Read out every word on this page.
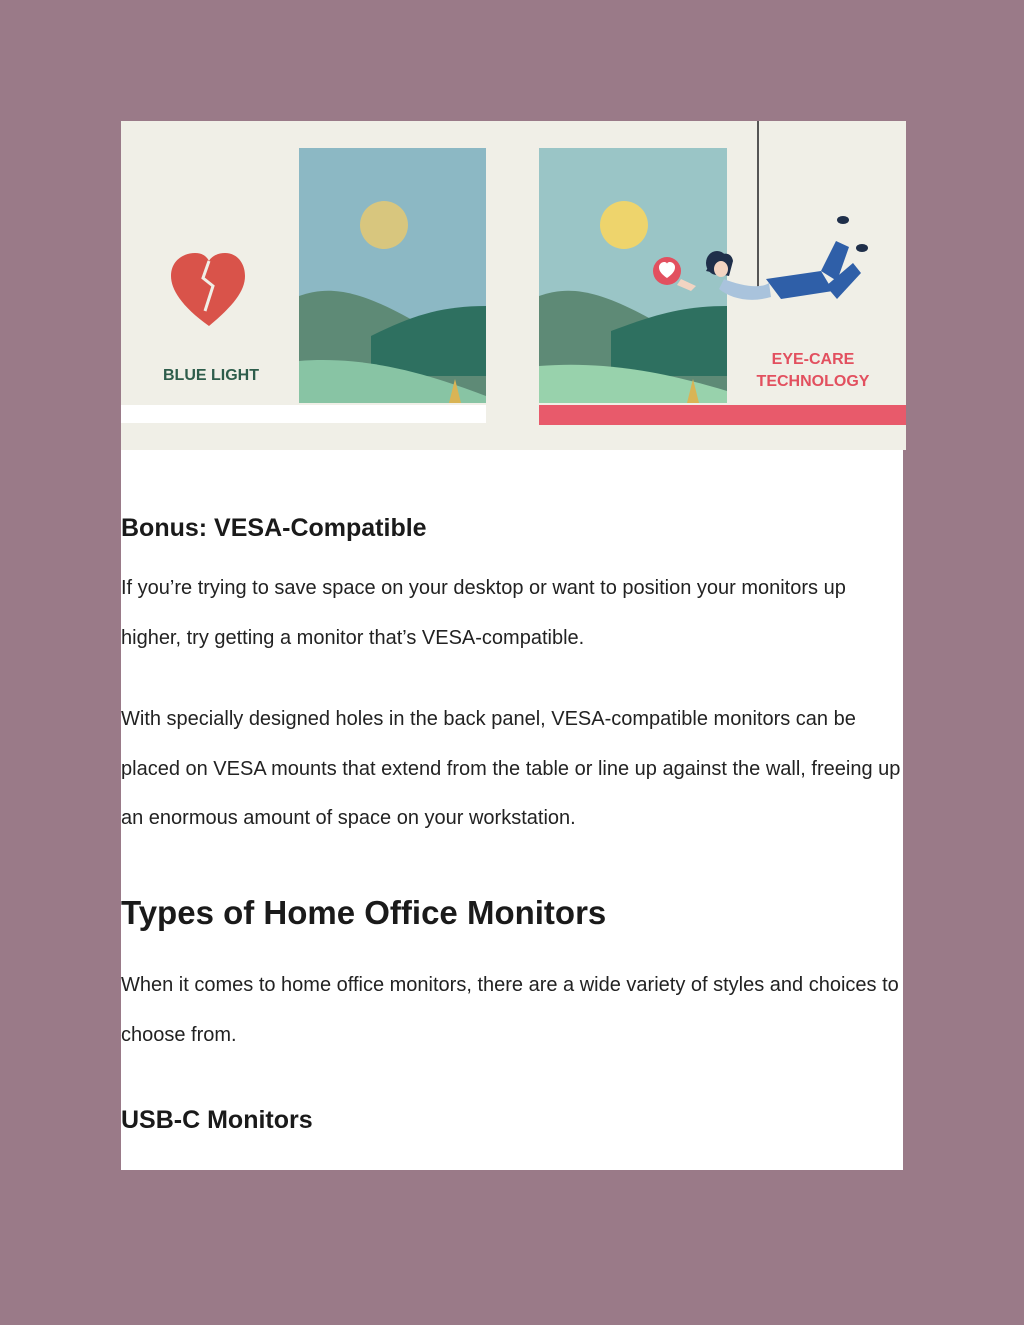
BLUE LIGHT
EYE-CARE
TECHNOLOGY
Bonus: VESA-Compatible

If you’re trying to save space on your desktop or want to position your monitors up higher, try getting a monitor that’s VESA-compatible.

With specially designed holes in the back panel, VESA-compatible monitors can be placed on VESA mounts that extend from the table or line up against the wall, freeing up an enormous amount of space on your workstation.

Types of Home Office Monitors

When it comes to home office monitors, there are a wide variety of styles and choices to choose from.

USB-C Monitors
